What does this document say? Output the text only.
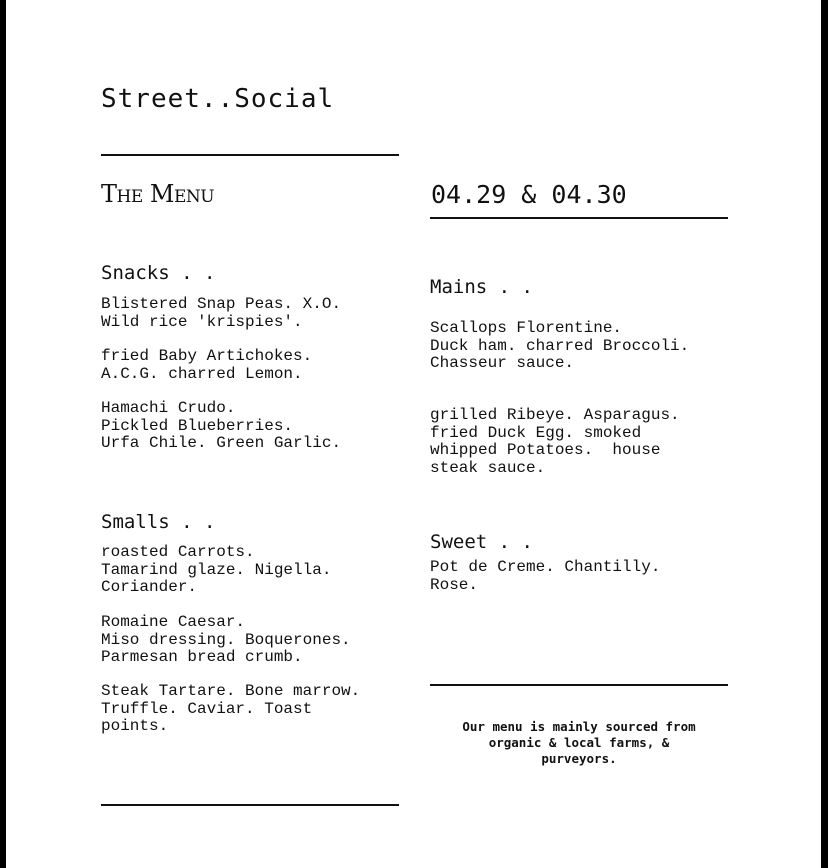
Street..Social
The Menu	04.29 & 04.30
Snacks . .
Blistered Snap Peas. X.O.
Wild rice 'krispies'.
fried Baby Artichokes.
A.C.G. charred Lemon.
Hamachi Crudo.
Pickled Blueberries.
Urfa Chile. Green Garlic.
Smalls . .
roasted Carrots.
Tamarind glaze. Nigella.
Coriander.
Romaine Caesar.
Miso dressing. Boquerones.
Parmesan bread crumb.
Steak Tartare. Bone marrow.
Truffle. Caviar. Toast
points.
Mains . .
Scallops Florentine.
Duck ham. charred Broccoli.
Chasseur sauce.
grilled Ribeye. Asparagus.
fried Duck Egg. smoked
whipped Potatoes.  house
steak sauce.
Sweet . .
Pot de Creme. Chantilly.
Rose.
Our menu is mainly sourced from
organic & local farms, &
purveyors.
